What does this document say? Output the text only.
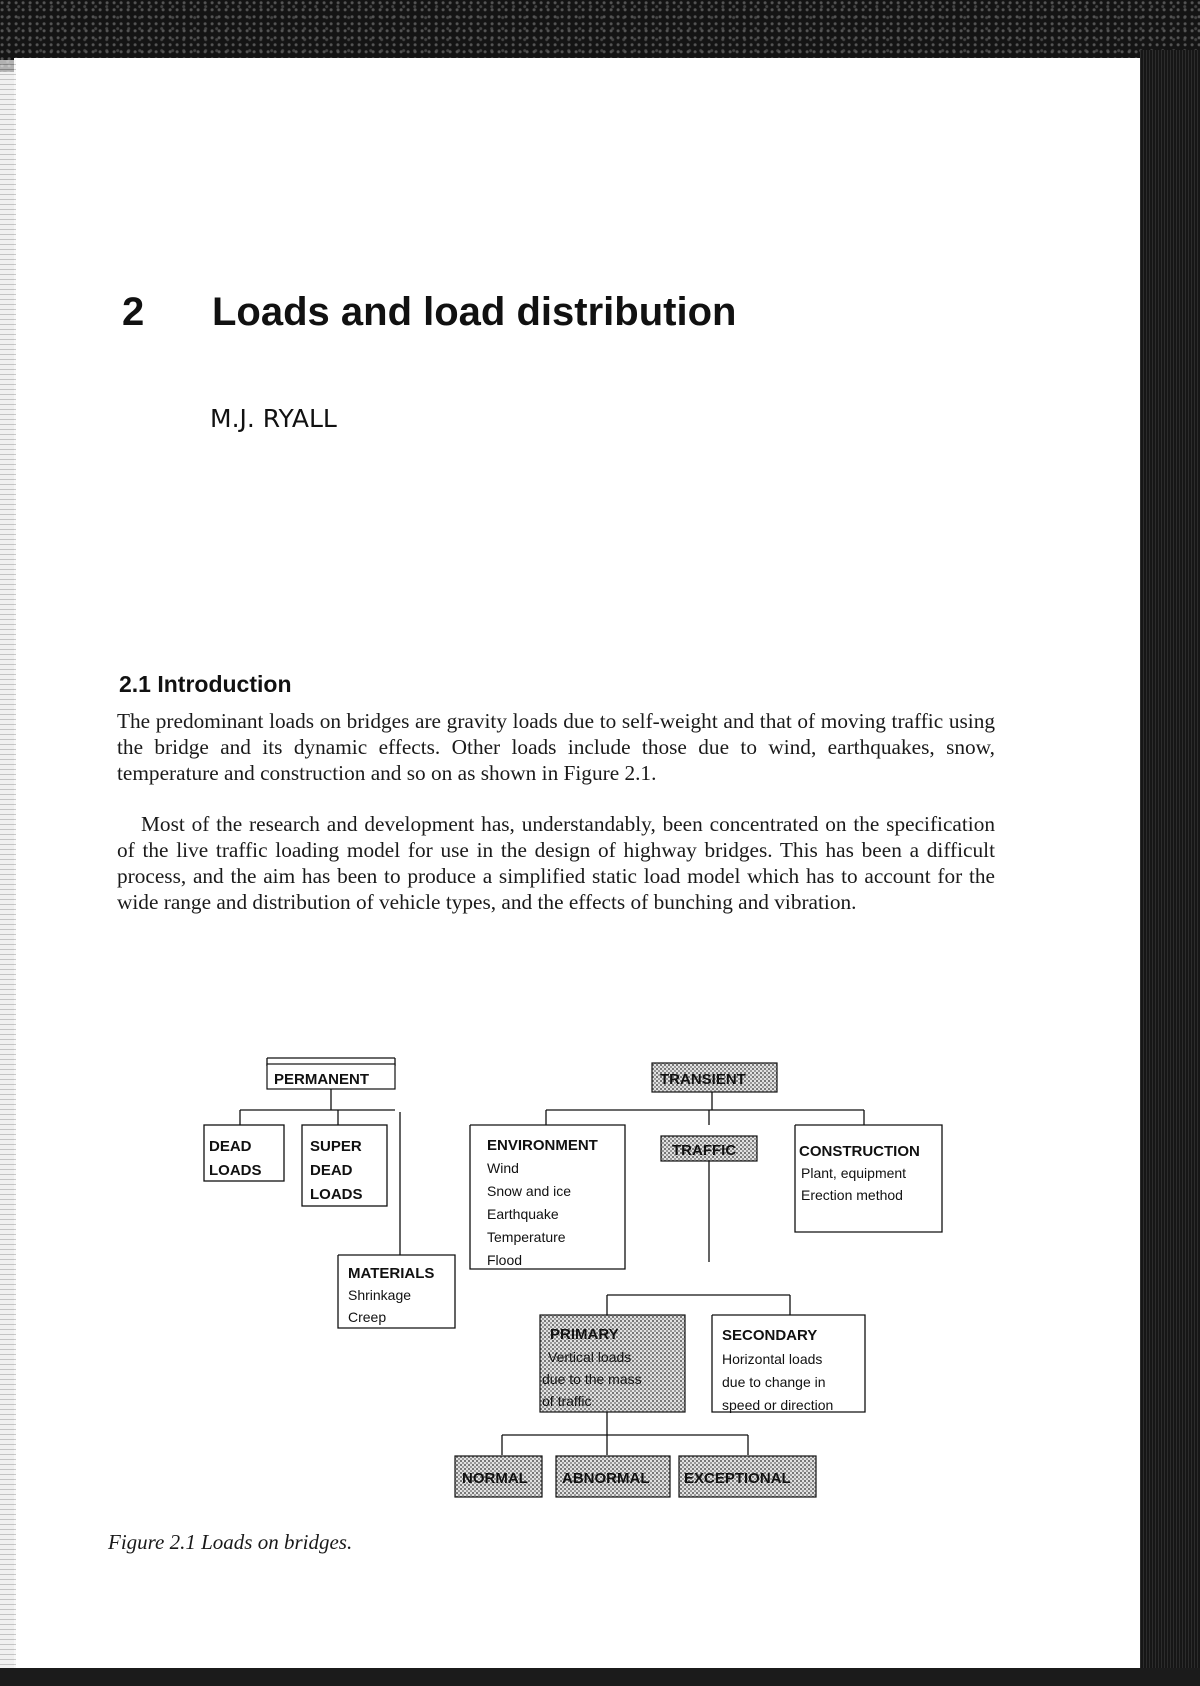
2 Loads and load distribution
M.J. RYALL
2.1 Introduction
The predominant loads on bridges are gravity loads due to self-weight and that of moving traffic using the bridge and its dynamic effects. Other loads include those due to wind, earthquakes, snow, temperature and construction and so on as shown in Figure 2.1.
Most of the research and development has, understandably, been concentrated on the specification of the live traffic loading model for use in the design of highway bridges. This has been a difficult process, and the aim has been to produce a simplified static load model which has to account for the wide range and distribution of vehicle types, and the effects of bunching and vibration.
PERMANENT
DEAD
LOADS
SUPER
DEAD
LOADS
MATERIALS
Shrinkage
Creep
TRANSIENT
ENVIRONMENT
Wind
Snow and ice
Earthquake
Temperature
Flood
TRAFFIC	CONSTRUCTION
Plant, equipment
Erection method
PRIMARY
Vertical loads
due to the mass
of traffic
SECONDARY
Horizontal loads
due to change in
speed or direction
NORMAL ABNORMAL EXCEPTIONAL
Figure 2.1 Loads on bridges.
